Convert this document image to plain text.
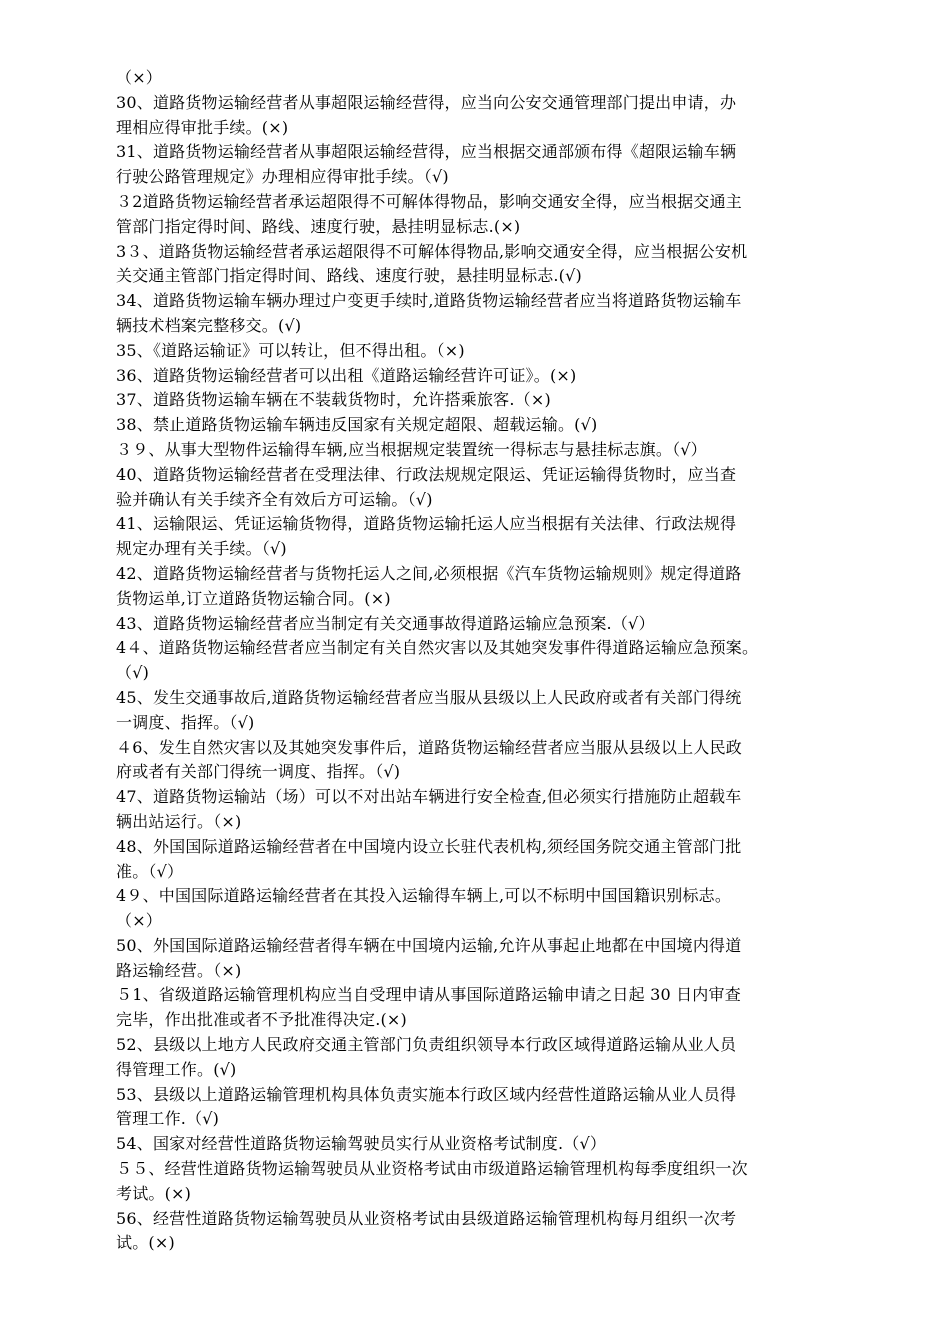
（×）
30、道路货物运输经营者从事超限运输经营得，应当向公安交通管理部门提出申请，办
理相应得审批手续。(×)
31、道路货物运输经营者从事超限运输经营得，应当根据交通部颁布得《超限运输车辆
行驶公路管理规定》办理相应得审批手续。（√)
３2道路货物运输经营者承运超限得不可解体得物品，影响交通安全得，应当根据交通主
管部门指定得时间、路线、速度行驶，悬挂明显标志.(×)
3３、道路货物运输经营者承运超限得不可解体得物品,影响交通安全得，应当根据公安机
关交通主管部门指定得时间、路线、速度行驶，悬挂明显标志.(√)
34、道路货物运输车辆办理过户变更手续时,道路货物运输经营者应当将道路货物运输车
辆技术档案完整移交。(√)
35、《道路运输证》可以转让，但不得出租。（×)
36、道路货物运输经营者可以出租《道路运输经营许可证》。(×)
37、道路货物运输车辆在不装载货物时，允许搭乘旅客.（×)
38、禁止道路货物运输车辆违反国家有关规定超限、超载运输。(√)
３９、从事大型物件运输得车辆,应当根据规定装置统一得标志与悬挂标志旗。（√）
40、道路货物运输经营者在受理法律、行政法规规定限运、凭证运输得货物时，应当查
验并确认有关手续齐全有效后方可运输。（√)
41、运输限运、凭证运输货物得，道路货物运输托运人应当根据有关法律、行政法规得
规定办理有关手续。（√)
42、道路货物运输经营者与货物托运人之间,必须根据《汽车货物运输规则》规定得道路
货物运单,订立道路货物运输合同。(×)
43、道路货物运输经营者应当制定有关交通事故得道路运输应急预案.（√）
4４、道路货物运输经营者应当制定有关自然灾害以及其她突发事件得道路运输应急预案。
（√)
45、发生交通事故后,道路货物运输经营者应当服从县级以上人民政府或者有关部门得统
一调度、指挥。（√)
４6、发生自然灾害以及其她突发事件后，道路货物运输经营者应当服从县级以上人民政
府或者有关部门得统一调度、指挥。（√)
47、道路货物运输站（场）可以不对出站车辆进行安全检查,但必须实行措施防止超载车
辆出站运行。（×)
48、外国国际道路运输经营者在中国境内设立长驻代表机构,须经国务院交通主管部门批
准。（√）
4９、中国国际道路运输经营者在其投入运输得车辆上,可以不标明中国国籍识别标志。
（×）
50、外国国际道路运输经营者得车辆在中国境内运输,允许从事起止地都在中国境内得道
路运输经营。（×)
５1、省级道路运输管理机构应当自受理申请从事国际道路运输申请之日起 30 日内审查
完毕，作出批准或者不予批准得决定.(×)
52、县级以上地方人民政府交通主管部门负责组织领导本行政区域得道路运输从业人员
得管理工作。(√)
53、县级以上道路运输管理机构具体负责实施本行政区域内经营性道路运输从业人员得
管理工作.（√)
54、国家对经营性道路货物运输驾驶员实行从业资格考试制度.（√）
５５、经营性道路货物运输驾驶员从业资格考试由市级道路运输管理机构每季度组织一次
考试。(×)
56、经营性道路货物运输驾驶员从业资格考试由县级道路运输管理机构每月组织一次考
试。(×)
